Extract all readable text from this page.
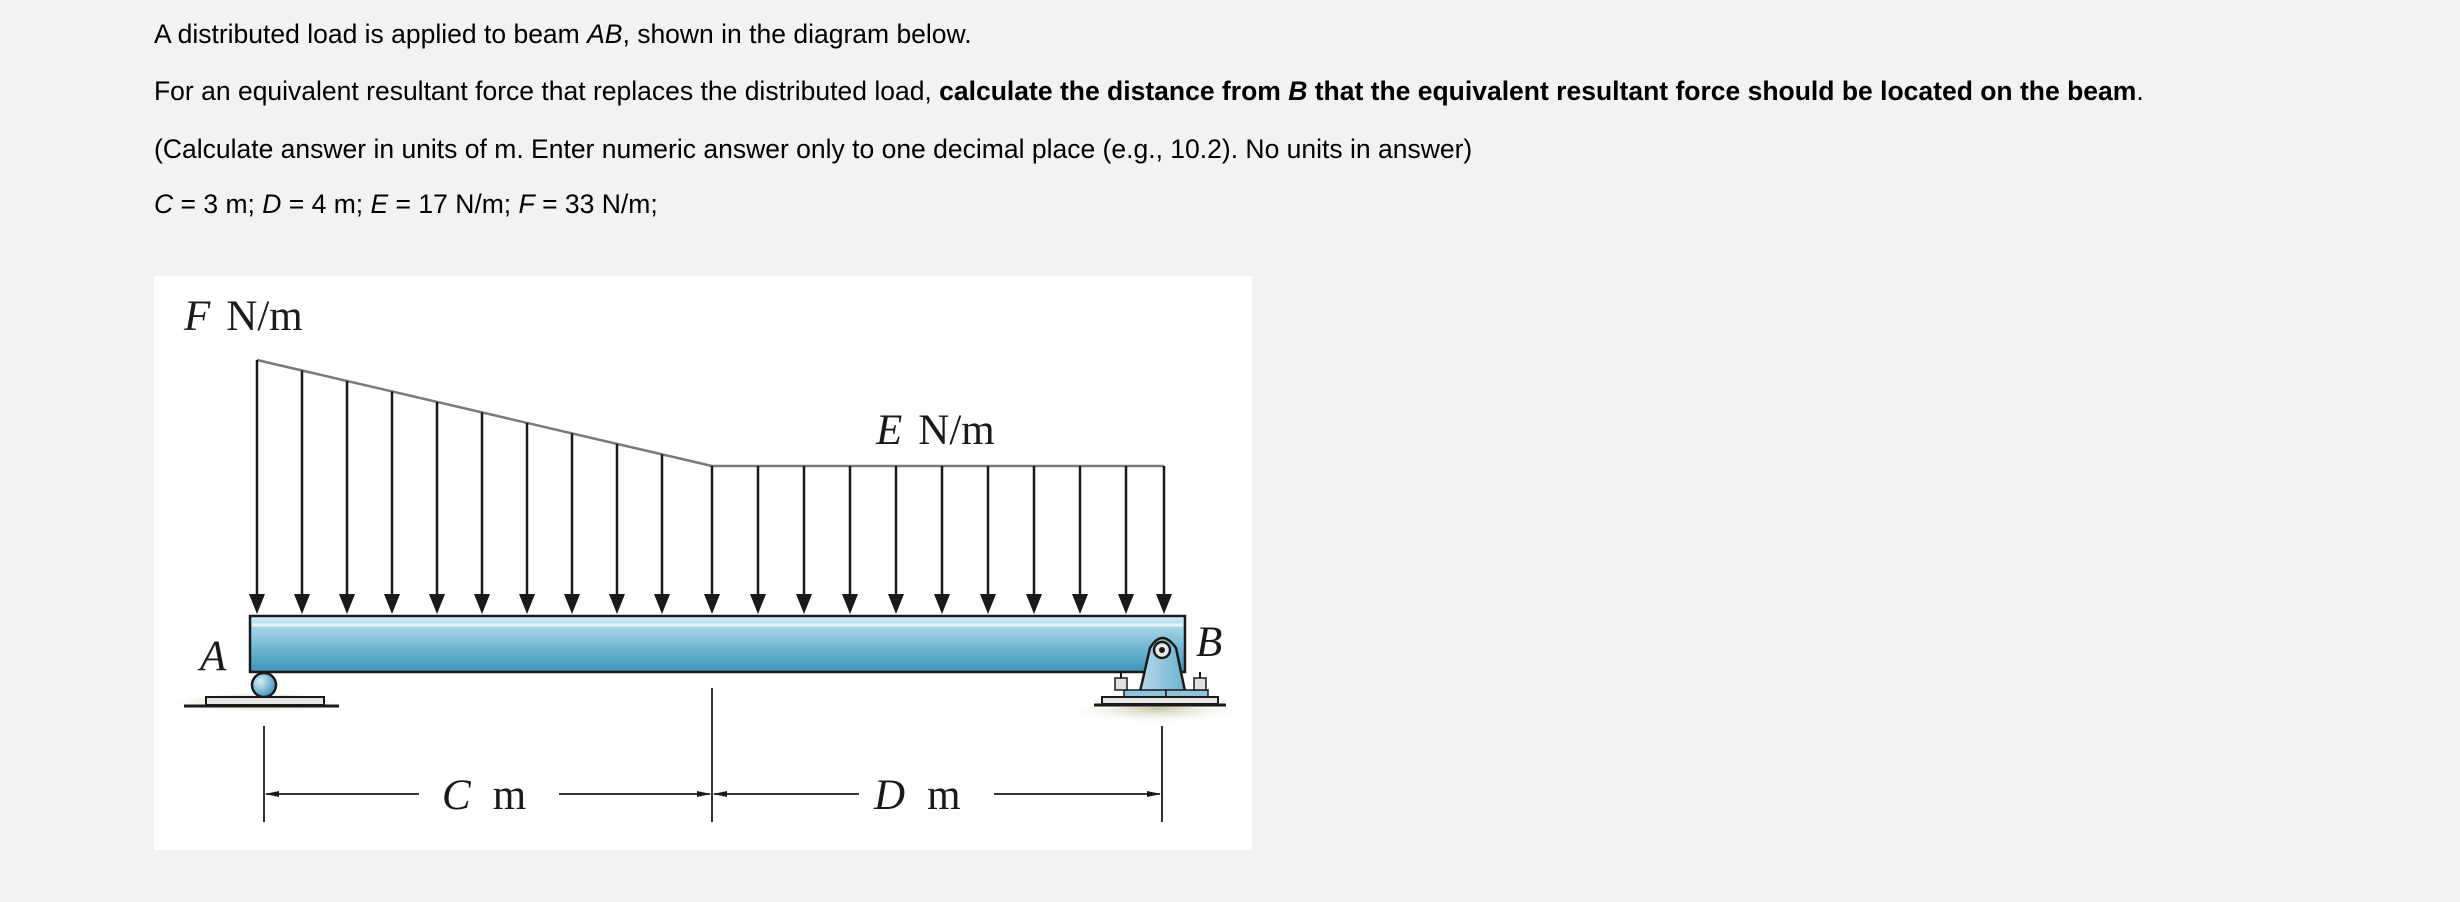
A distributed load is applied to beam AB, shown in the diagram below.

For an equivalent resultant force that replaces the distributed load, calculate the distance from B that the equivalent resultant force should be located on the beam.

(Calculate answer in units of m. Enter numeric answer only to one decimal place (e.g., 10.2). No units in answer)

C = 3 m; D = 4 m; E = 17 N/m; F = 33 N/m;

F N/m
E N/m
A	B
C m	D m
